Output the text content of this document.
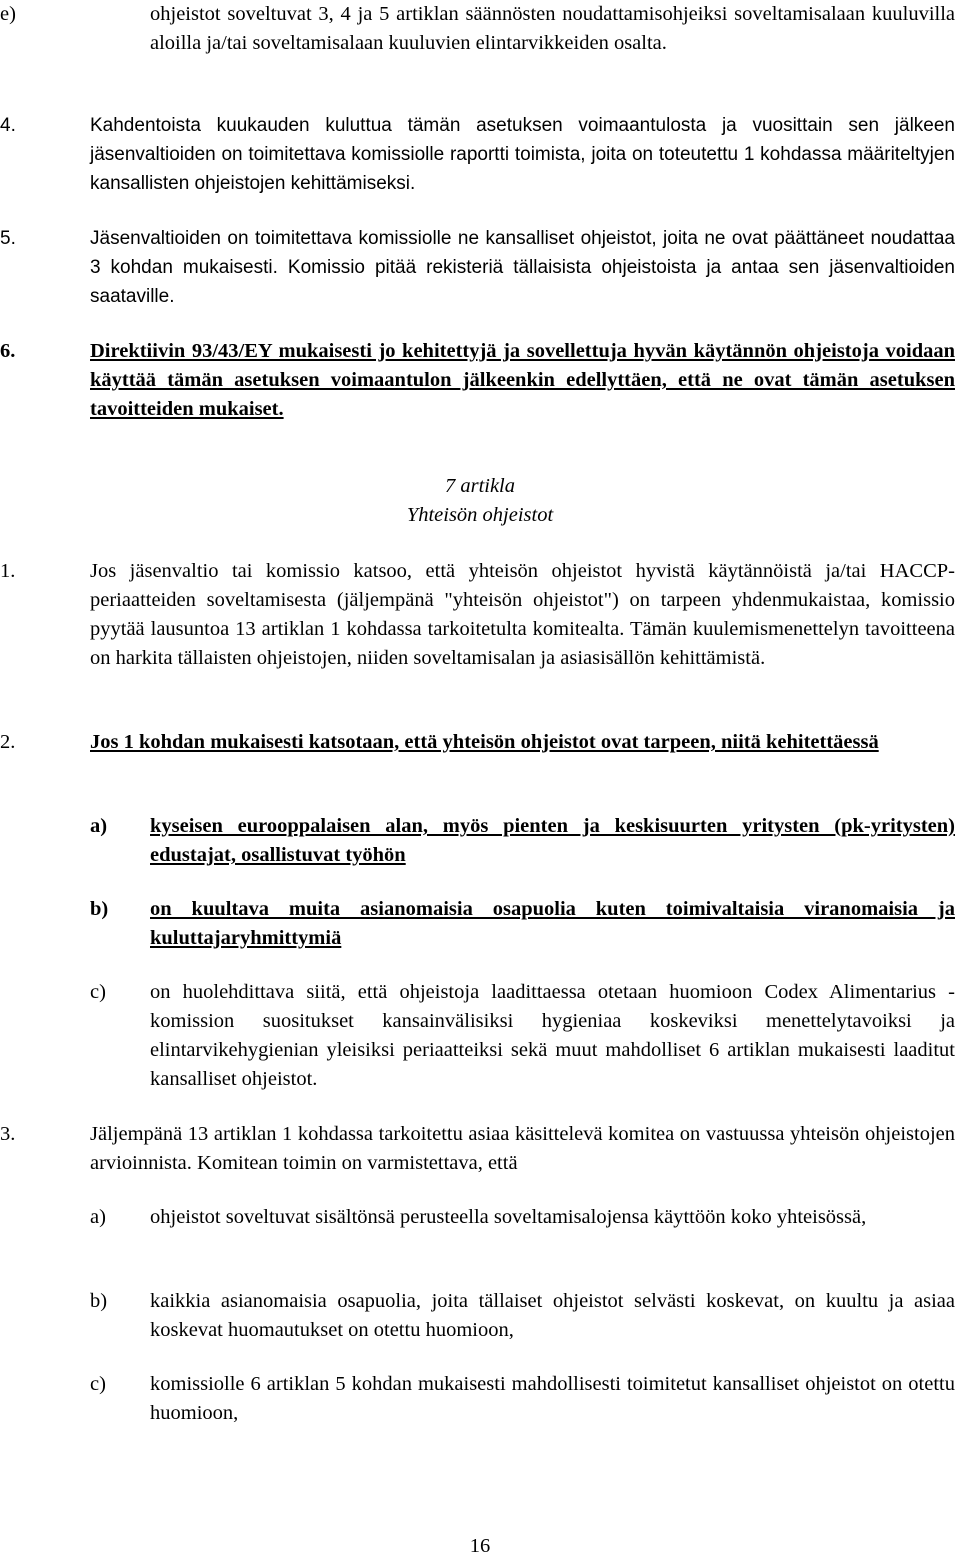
e)	ohjeistot soveltuvat 3, 4 ja 5 artiklan säännösten noudattamisohjeiksi soveltamisalaan kuuluvilla aloilla ja/tai soveltamisalaan kuuluvien elintarvikkeiden osalta.
4.	Kahdentoista kuukauden kuluttua tämän asetuksen voimaantulosta ja vuosittain sen jälkeen jäsenvaltioiden on toimitettava komissiolle raportti toimista, joita on toteutettu 1 kohdassa määriteltyjen kansallisten ohjeistojen kehittämiseksi.
5.	Jäsenvaltioiden on toimitettava komissiolle ne kansalliset ohjeistot, joita ne ovat päättäneet noudattaa 3 kohdan mukaisesti. Komissio pitää rekisteriä tällaisista ohjeistoista ja antaa sen jäsenvaltioiden saataville.
6.	Direktiivin 93/43/EY mukaisesti jo kehitettyjä ja sovellettuja hyvän käytännön ohjeistoja voidaan käyttää tämän asetuksen voimaantulon jälkeenkin edellyttäen, että ne ovat tämän asetuksen tavoitteiden mukaiset.
7 artikla
Yhteisön ohjeistot
1.	Jos jäsenvaltio tai komissio katsoo, että yhteisön ohjeistot hyvistä käytännöistä ja/tai HACCP-periaatteiden soveltamisesta (jäljempänä "yhteisön ohjeistot") on tarpeen yhdenmukaistaa, komissio pyytää lausuntoa 13 artiklan 1 kohdassa tarkoitetulta komitealta. Tämän kuulemismenettelyn tavoitteena on harkita tällaisten ohjeistojen, niiden soveltamisalan ja asiasisällön kehittämistä.
2.	Jos 1 kohdan mukaisesti katsotaan, että yhteisön ohjeistot ovat tarpeen, niitä kehitettäessä
a)	kyseisen eurooppalaisen alan, myös pienten ja keskisuurten yritysten (pk-yritysten) edustajat, osallistuvat työhön
b)	on kuultava muita asianomaisia osapuolia kuten toimivaltaisia viranomaisia ja kuluttajaryhmittymiä
c)	on huolehdittava siitä, että ohjeistoja laadittaessa otetaan huomioon Codex Alimentarius -komission suositukset kansainvälisiksi hygieniaa koskeviksi menettelytavoiksi ja elintarvikehygienian yleisiksi periaatteiksi sekä muut mahdolliset 6 artiklan mukaisesti laaditut kansalliset ohjeistot.
3.	Jäljempänä 13 artiklan 1 kohdassa tarkoitettu asiaa käsittelevä komitea on vastuussa yhteisön ohjeistojen arvioinnista. Komitean toimin on varmistettava, että
a)	ohjeistot soveltuvat sisältönsä perusteella soveltamisalojensa käyttöön koko yhteisössä,
b)	kaikkia asianomaisia osapuolia, joita tällaiset ohjeistot selvästi koskevat, on kuultu ja asiaa koskevat huomautukset on otettu huomioon,
c)	komissiolle 6 artiklan 5 kohdan mukaisesti mahdollisesti toimitetut kansalliset ohjeistot on otettu huomioon,
16
